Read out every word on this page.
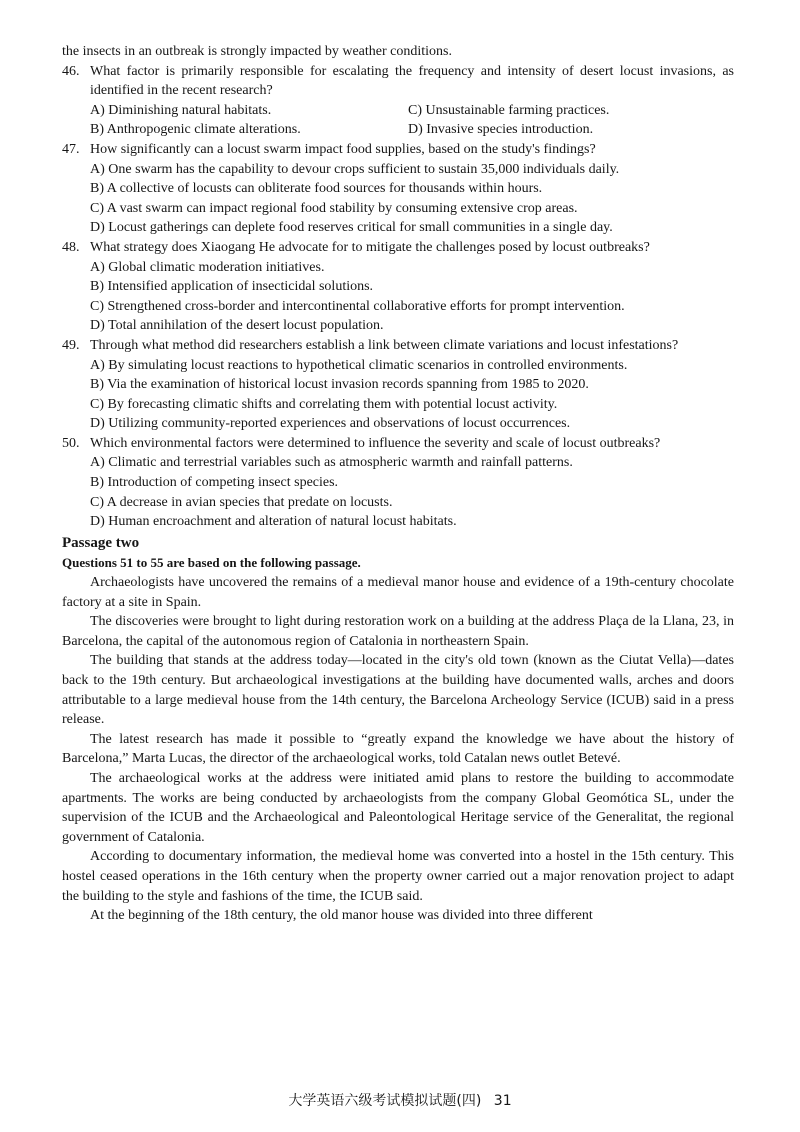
the insects in an outbreak is strongly impacted by weather conditions.
46. What factor is primarily responsible for escalating the frequency and intensity of desert locust invasions, as identified in the recent research?
A) Diminishing natural habitats.	C) Unsustainable farming practices.
B) Anthropogenic climate alterations.	D) Invasive species introduction.
47. How significantly can a locust swarm impact food supplies, based on the study's findings?
A) One swarm has the capability to devour crops sufficient to sustain 35,000 individuals daily.
B) A collective of locusts can obliterate food sources for thousands within hours.
C) A vast swarm can impact regional food stability by consuming extensive crop areas.
D) Locust gatherings can deplete food reserves critical for small communities in a single day.
48. What strategy does Xiaogang He advocate for to mitigate the challenges posed by locust outbreaks?
A) Global climatic moderation initiatives.
B) Intensified application of insecticidal solutions.
C) Strengthened cross-border and intercontinental collaborative efforts for prompt intervention.
D) Total annihilation of the desert locust population.
49. Through what method did researchers establish a link between climate variations and locust infestations?
A) By simulating locust reactions to hypothetical climatic scenarios in controlled environments.
B) Via the examination of historical locust invasion records spanning from 1985 to 2020.
C) By forecasting climatic shifts and correlating them with potential locust activity.
D) Utilizing community-reported experiences and observations of locust occurrences.
50. Which environmental factors were determined to influence the severity and scale of locust outbreaks?
A) Climatic and terrestrial variables such as atmospheric warmth and rainfall patterns.
B) Introduction of competing insect species.
C) A decrease in avian species that predate on locusts.
D) Human encroachment and alteration of natural locust habitats.
Passage two
Questions 51 to 55 are based on the following passage.
Archaeologists have uncovered the remains of a medieval manor house and evidence of a 19th-century chocolate factory at a site in Spain.
The discoveries were brought to light during restoration work on a building at the address Plaça de la Llana, 23, in Barcelona, the capital of the autonomous region of Catalonia in northeastern Spain.
The building that stands at the address today—located in the city's old town (known as the Ciutat Vella)—dates back to the 19th century. But archaeological investigations at the building have documented walls, arches and doors attributable to a large medieval house from the 14th century, the Barcelona Archeology Service (ICUB) said in a press release.
The latest research has made it possible to “greatly expand the knowledge we have about the history of Barcelona,” Marta Lucas, the director of the archaeological works, told Catalan news outlet Betevé.
The archaeological works at the address were initiated amid plans to restore the building to accommodate apartments. The works are being conducted by archaeologists from the company Global Geomótica SL, under the supervision of the ICUB and the Archaeological and Paleontological Heritage service of the Generalitat, the regional government of Catalonia.
According to documentary information, the medieval home was converted into a hostel in the 15th century. This hostel ceased operations in the 16th century when the property owner carried out a major renovation project to adapt the building to the style and fashions of the time, the ICUB said.
At the beginning of the 18th century, the old manor house was divided into three different
大学英语六级考试模拟试题(四) 31
